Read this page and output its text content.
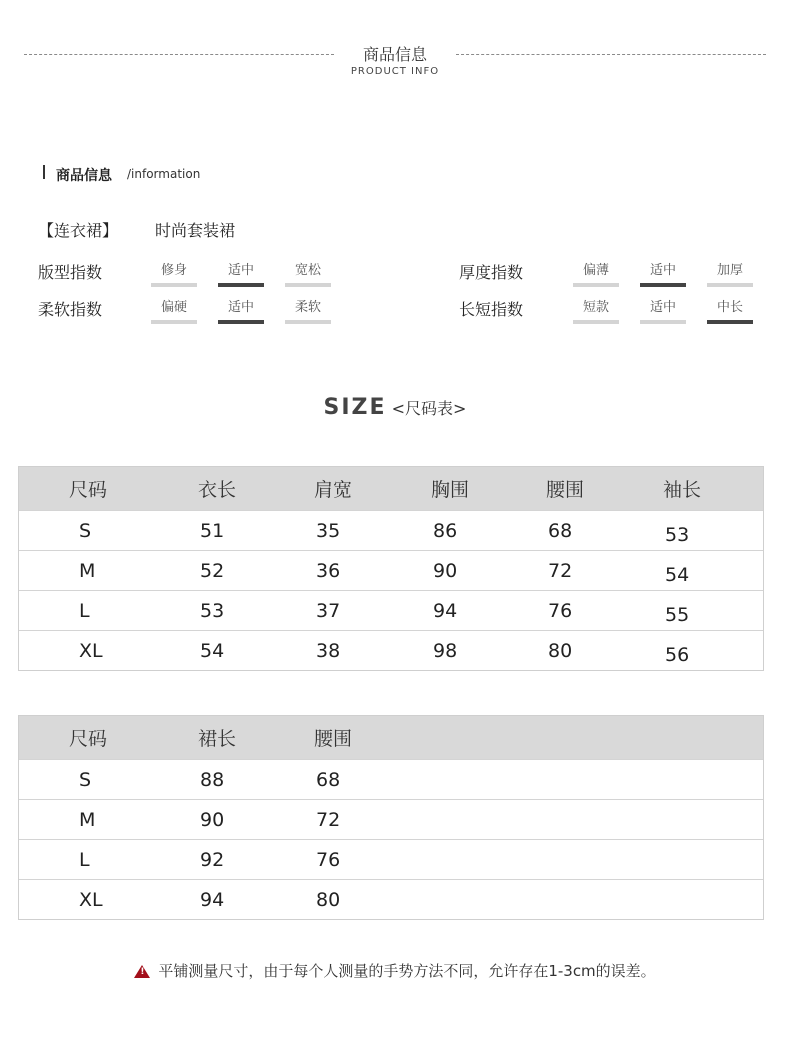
商品信息
PRODUCT INFO
商品信息 /information
【连衣裙】 时尚套装裙
版型指数	修身	适中	宽松	厚度指数	偏薄	适中	加厚
柔软指数	偏硬	适中	柔软	长短指数	短款	适中	中长
SIZE <尺码表>
尺码	衣长	肩宽	胸围	腰围	袖长
S	51	35	86	68	53
M	52	36	90	72	54
L	53	37	94	76	55
XL	54	38	98	80	56
尺码	裙长	腰围
S	88	68
M	90	72
L	92	76
XL	94	80
!平铺测量尺寸，由于每个人测量的手势方法不同，允许存在1-3cm的误差。
